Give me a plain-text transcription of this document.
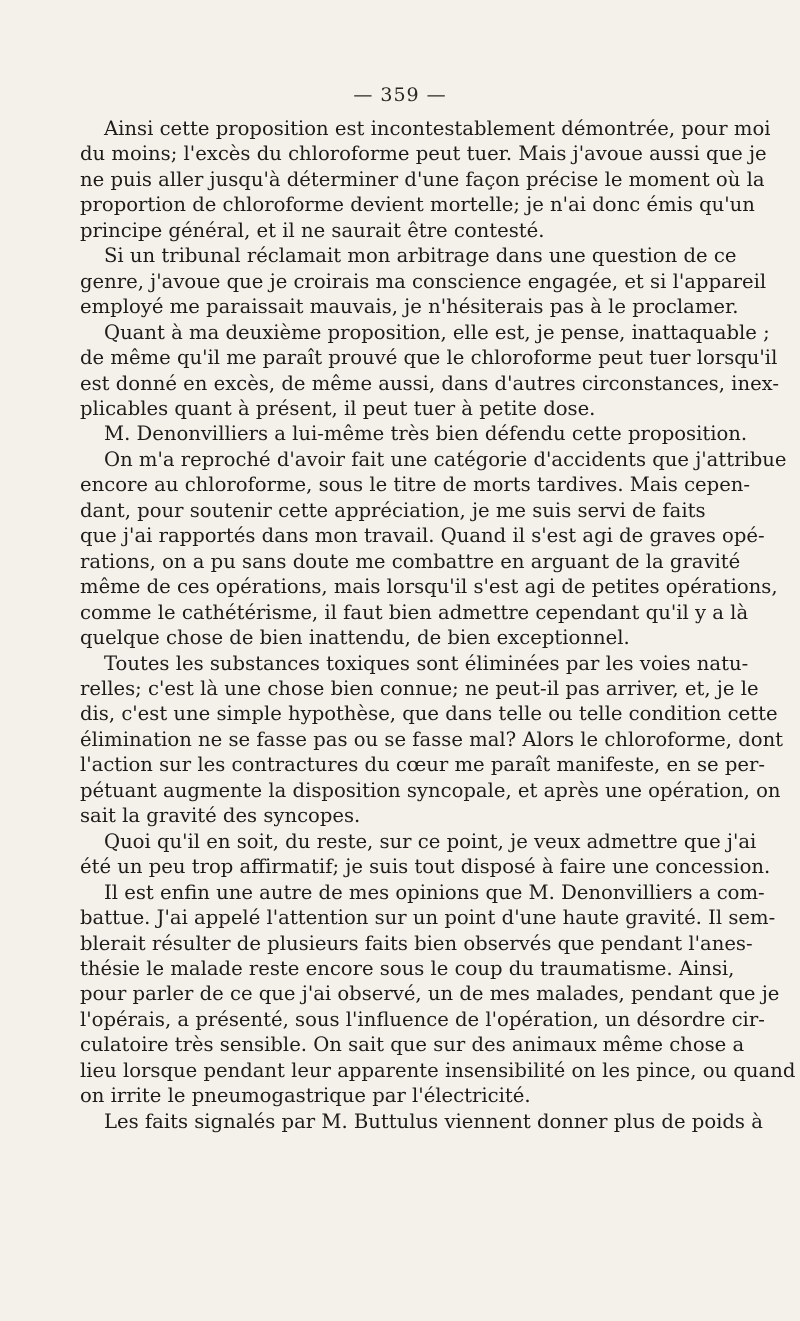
— 359 —
Ainsi cette proposition est incontestablement démontrée, pour moi
du moins; l'excès du chloroforme peut tuer. Mais j'avoue aussi que je
ne puis aller jusqu'à déterminer d'une façon précise le moment où la
proportion de chloroforme devient mortelle; je n'ai donc émis qu'un
principe général, et il ne saurait être contesté.
Si un tribunal réclamait mon arbitrage dans une question de ce
genre, j'avoue que je croirais ma conscience engagée, et si l'appareil
employé me paraissait mauvais, je n'hésiterais pas à le proclamer.
Quant à ma deuxième proposition, elle est, je pense, inattaquable ;
de même qu'il me paraît prouvé que le chloroforme peut tuer lorsqu'il
est donné en excès, de même aussi, dans d'autres circonstances, inex-
plicables quant à présent, il peut tuer à petite dose.
M. Denonvilliers a lui-même très bien défendu cette proposition.
On m'a reproché d'avoir fait une catégorie d'accidents que j'attribue
encore au chloroforme, sous le titre de morts tardives. Mais cepen-
dant, pour soutenir cette appréciation, je me suis servi de faits
que j'ai rapportés dans mon travail. Quand il s'est agi de graves opé-
rations, on a pu sans doute me combattre en arguant de la gravité
même de ces opérations, mais lorsqu'il s'est agi de petites opérations,
comme le cathétérisme, il faut bien admettre cependant qu'il y a là
quelque chose de bien inattendu, de bien exceptionnel.
Toutes les substances toxiques sont éliminées par les voies natu-
relles; c'est là une chose bien connue; ne peut-il pas arriver, et, je le
dis, c'est une simple hypothèse, que dans telle ou telle condition cette
élimination ne se fasse pas ou se fasse mal? Alors le chloroforme, dont
l'action sur les contractures du cœur me paraît manifeste, en se per-
pétuant augmente la disposition syncopale, et après une opération, on
sait la gravité des syncopes.
Quoi qu'il en soit, du reste, sur ce point, je veux admettre que j'ai
été un peu trop affirmatif; je suis tout disposé à faire une concession.
Il est enfin une autre de mes opinions que M. Denonvilliers a com-
battue. J'ai appelé l'attention sur un point d'une haute gravité. Il sem-
blerait résulter de plusieurs faits bien observés que pendant l'anes-
thésie le malade reste encore sous le coup du traumatisme. Ainsi,
pour parler de ce que j'ai observé, un de mes malades, pendant que je
l'opérais, a présenté, sous l'influence de l'opération, un désordre cir-
culatoire très sensible. On sait que sur des animaux même chose a
lieu lorsque pendant leur apparente insensibilité on les pince, ou quand
on irrite le pneumogastrique par l'électricité.
Les faits signalés par M. Buttulus viennent donner plus de poids à
